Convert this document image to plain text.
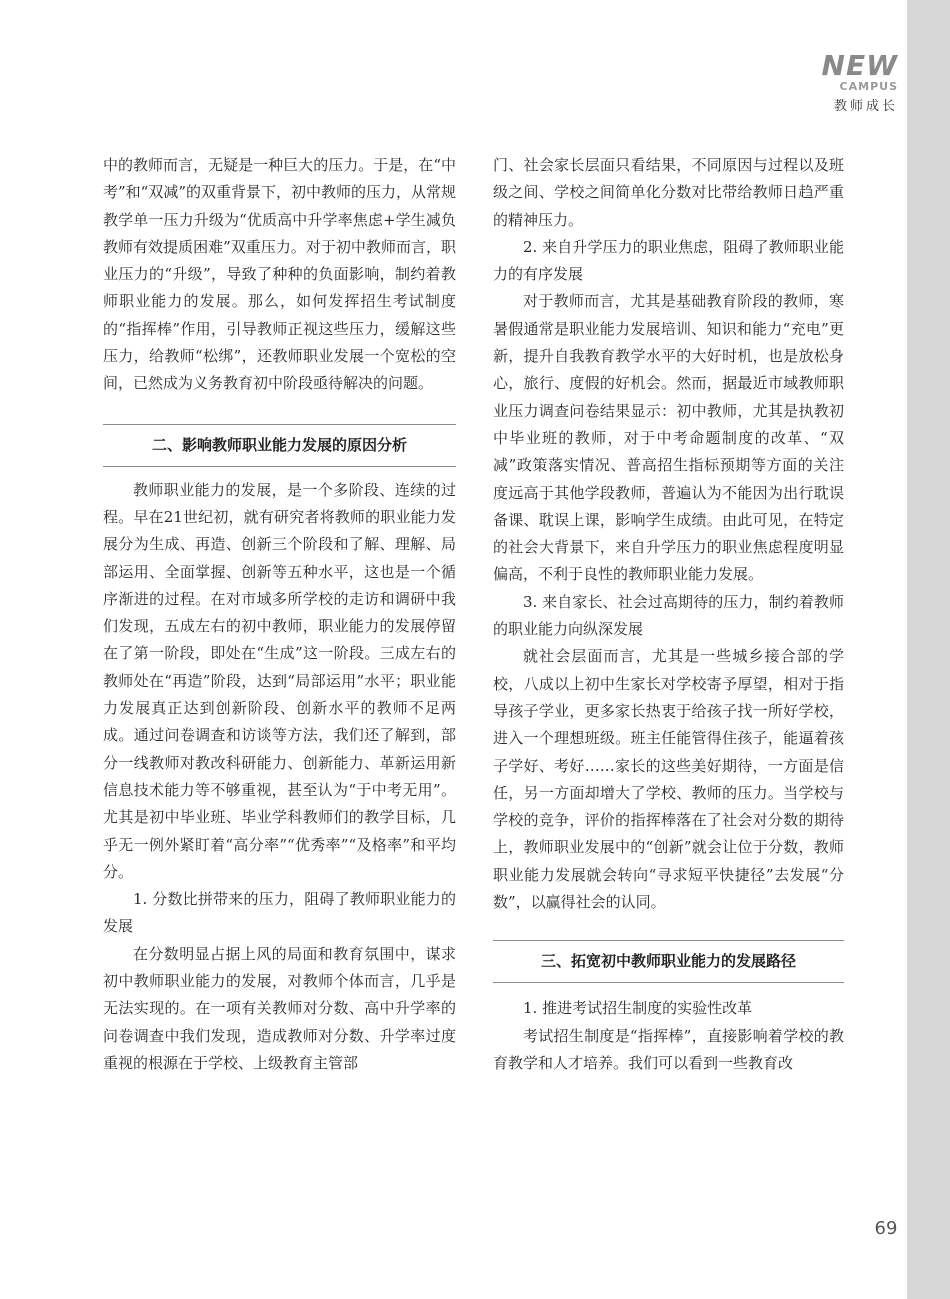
NEW
CAMPUS
教师成长

中的教师而言，无疑是一种巨大的压力。于是，在“中考”和“双减”的双重背景下，初中教师的压力，从常规教学单一压力升级为“优质高中升学率焦虑+学生减负教师有效提质困难”双重压力。对于初中教师而言，职业压力的“升级”，导致了种种的负面影响，制约着教师职业能力的发展。那么，如何发挥招生考试制度的“指挥棒”作用，引导教师正视这些压力，缓解这些压力，给教师“松绑”，还教师职业发展一个宽松的空间，已然成为义务教育初中阶段亟待解决的问题。

二、影响教师职业能力发展的原因分析

教师职业能力的发展，是一个多阶段、连续的过程。早在21世纪初，就有研究者将教师的职业能力发展分为生成、再造、创新三个阶段和了解、理解、局部运用、全面掌握、创新等五种水平，这也是一个循序渐进的过程。在对市域多所学校的走访和调研中我们发现，五成左右的初中教师，职业能力的发展停留在了第一阶段，即处在“生成”这一阶段。三成左右的教师处在“再造”阶段，达到“局部运用”水平；职业能力发展真正达到创新阶段、创新水平的教师不足两成。通过问卷调查和访谈等方法，我们还了解到，部分一线教师对教改科研能力、创新能力、革新运用新信息技术能力等不够重视，甚至认为“于中考无用”。尤其是初中毕业班、毕业学科教师们的教学目标，几乎无一例外紧盯着“高分率”“优秀率”“及格率”和平均分。

1. 分数比拼带来的压力，阻碍了教师职业能力的发展

在分数明显占据上风的局面和教育氛围中，谋求初中教师职业能力的发展，对教师个体而言，几乎是无法实现的。在一项有关教师对分数、高中升学率的问卷调查中我们发现，造成教师对分数、升学率过度重视的根源在于学校、上级教育主管部

门、社会家长层面只看结果，不同原因与过程以及班级之间、学校之间简单化分数对比带给教师日趋严重的精神压力。

2. 来自升学压力的职业焦虑，阻碍了教师职业能力的有序发展

对于教师而言，尤其是基础教育阶段的教师，寒暑假通常是职业能力发展培训、知识和能力“充电”更新，提升自我教育教学水平的大好时机，也是放松身心，旅行、度假的好机会。然而，据最近市域教师职业压力调查问卷结果显示：初中教师，尤其是执教初中毕业班的教师，对于中考命题制度的改革、“双减”政策落实情况、普高招生指标预期等方面的关注度远高于其他学段教师，普遍认为不能因为出行耽误备课、耽误上课，影响学生成绩。由此可见，在特定的社会大背景下，来自升学压力的职业焦虑程度明显偏高，不利于良性的教师职业能力发展。

3. 来自家长、社会过高期待的压力，制约着教师的职业能力向纵深发展

就社会层面而言，尤其是一些城乡接合部的学校，八成以上初中生家长对学校寄予厚望，相对于指导孩子学业，更多家长热衷于给孩子找一所好学校，进入一个理想班级。班主任能管得住孩子，能逼着孩子学好、考好……家长的这些美好期待，一方面是信任，另一方面却增大了学校、教师的压力。当学校与学校的竞争，评价的指挥棒落在了社会对分数的期待上，教师职业发展中的“创新”就会让位于分数，教师职业能力发展就会转向“寻求短平快捷径”去发展“分数”，以赢得社会的认同。

三、拓宽初中教师职业能力的发展路径

1. 推进考试招生制度的实验性改革

考试招生制度是“指挥棒”，直接影响着学校的教育教学和人才培养。我们可以看到一些教育改

69
